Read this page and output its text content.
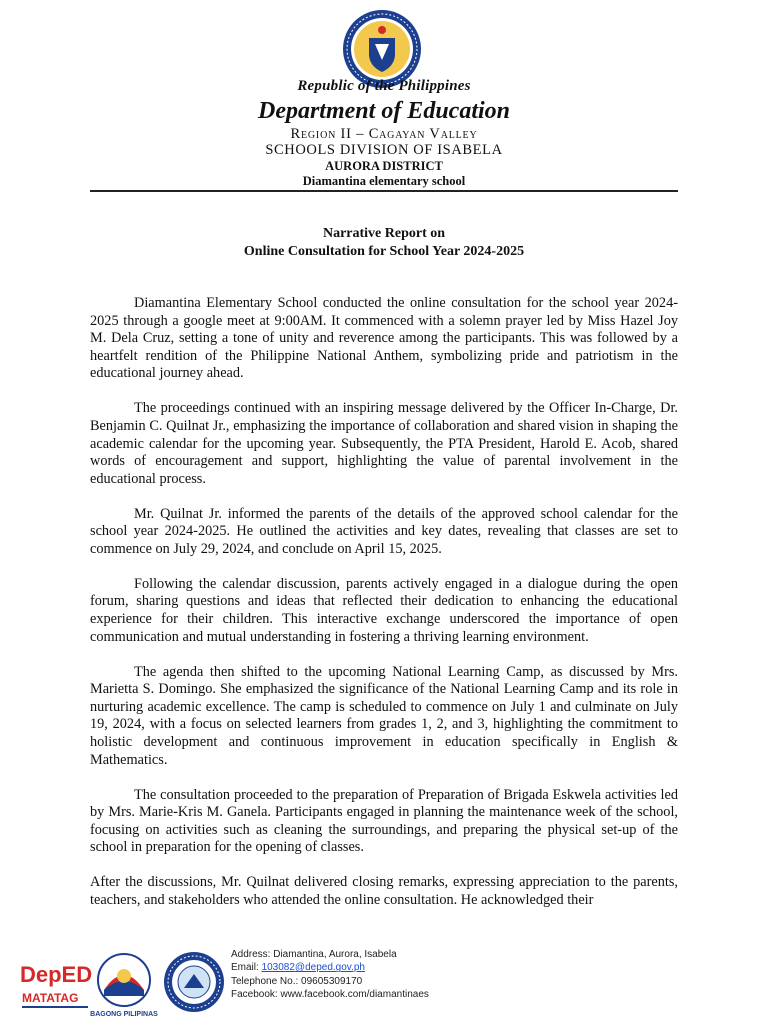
Republic of the Philippines
Department of Education
Region II – Cagayan Valley
SCHOOLS DIVISION OF ISABELA
AURORA DISTRICT
Diamantina elementary school
Narrative Report on
Online Consultation for School Year 2024-2025

Diamantina Elementary School conducted the online consultation for the school year 2024-2025 through a google meet at 9:00AM. It commenced with a solemn prayer led by Miss Hazel Joy M. Dela Cruz, setting a tone of unity and reverence among the participants. This was followed by a heartfelt rendition of the Philippine National Anthem, symbolizing pride and patriotism in the educational journey ahead.

The proceedings continued with an inspiring message delivered by the Officer In-Charge, Dr. Benjamin C. Quilnat Jr., emphasizing the importance of collaboration and shared vision in shaping the academic calendar for the upcoming year. Subsequently, the PTA President, Harold E. Acob, shared words of encouragement and support, highlighting the value of parental involvement in the educational process.

Mr. Quilnat Jr. informed the parents of the details of the approved school calendar for the school year 2024-2025. He outlined the activities and key dates, revealing that classes are set to commence on July 29, 2024, and conclude on April 15, 2025.

Following the calendar discussion, parents actively engaged in a dialogue during the open forum, sharing questions and ideas that reflected their dedication to enhancing the educational experience for their children. This interactive exchange underscored the importance of open communication and mutual understanding in fostering a thriving learning environment.

The agenda then shifted to the upcoming National Learning Camp, as discussed by Mrs. Marietta S. Domingo. She emphasized the significance of the National Learning Camp and its role in nurturing academic excellence. The camp is scheduled to commence on July 1 and culminate on July 19, 2024, with a focus on selected learners from grades 1, 2, and 3, highlighting the commitment to holistic development and continuous improvement in education specifically in English & Mathematics.

The consultation proceeded to the preparation of Preparation of Brigada Eskwela activities led by Mrs. Marie-Kris M. Ganela. Participants engaged in planning the maintenance week of the school, focusing on activities such as cleaning the surroundings, and preparing the physical set-up of the school in preparation for the opening of classes.

After the discussions, Mr. Quilnat delivered closing remarks, expressing appreciation to the parents, teachers, and stakeholders who attended the online consultation. He acknowledged their

DepED
MATATAG
BAGONG PILIPINAS
Address: Diamantina, Aurora, Isabela
Email: 103082@deped.gov.ph
Telephone No.: 09605309170
Facebook: www.facebook.com/diamantinaes
